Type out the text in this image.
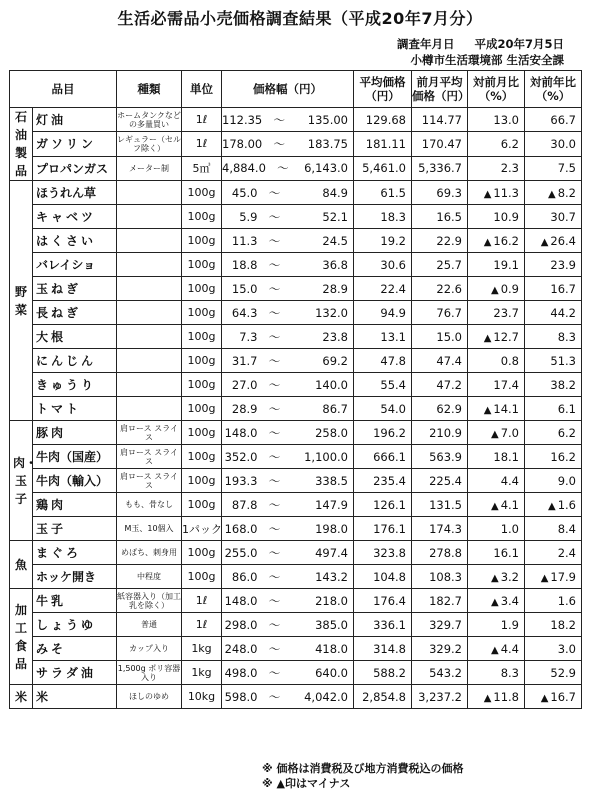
生活必需品小売価格調査結果（平成20年7月分）
調査年月日 平成20年7月5日
小樽市生活環境部 生活安全課
品目		種類	単位	価格幅（円）		平均価格（円）	前月平均価格（円）	対前月比（%）	対前年比（%）
石油製品	灯油	ホームタンクなどの多量買い	1ℓ	112.35 〜	135.00	129.68	114.77	13.0	66.7
	ガソリン	レギュラー（セルフ除く）	1ℓ	178.00 〜	183.75	181.11	170.47	6.2	30.0
	プロパンガス	メーター制	5㎥	4,884.0 〜	6,143.0	5,461.0	5,336.7	2.3	7.5
野菜	ほうれん草		100g	45.0 〜	84.9	61.5	69.3	▲ 11.3	▲ 8.2
	キャベツ		100g	5.9 〜	52.1	18.3	16.5	10.9	30.7
	はくさい		100g	11.3 〜	24.5	19.2	22.9	▲ 16.2	▲ 26.4
	バレイショ		100g	18.8 〜	36.8	30.6	25.7	19.1	23.9
	玉ねぎ		100g	15.0 〜	28.9	22.4	22.6	▲ 0.9	16.7
	長ねぎ		100g	64.3 〜	132.0	94.9	76.7	23.7	44.2
	大根		100g	7.3 〜	23.8	13.1	15.0	▲ 12.7	8.3
	にんじん		100g	31.7 〜	69.2	47.8	47.4	0.8	51.3
	きゅうり		100g	27.0 〜	140.0	55.4	47.2	17.4	38.2
	トマト		100g	28.9 〜	86.7	54.0	62.9	▲ 14.1	6.1
肉・玉子	豚肉	肩ロース スライス	100g	148.0 〜	258.0	196.2	210.9	▲ 7.0	6.2
	牛肉（国産）	肩ロース スライス	100g	352.0 〜	1,100.0	666.1	563.9	18.1	16.2
	牛肉（輸入）	肩ロース スライス	100g	193.3 〜	338.5	235.4	225.4	4.4	9.0
	鶏肉	もも、骨なし	100g	87.8 〜	147.9	126.1	131.5	▲ 4.1	▲ 1.6
	玉子	M玉、10個入	1パック	168.0 〜	198.0	176.1	174.3	1.0	8.4
魚	まぐろ	めばち、刺身用	100g	255.0 〜	497.4	323.8	278.8	16.1	2.4
	ホッケ開き	中程度	100g	86.0 〜	143.2	104.8	108.3	▲ 3.2	▲ 17.9
加工食品	牛乳	紙容器入り（加工乳を除く）	1ℓ	148.0 〜	218.0	176.4	182.7	▲ 3.4	1.6
	しょうゆ	普通	1ℓ	298.0 〜	385.0	336.1	329.7	1.9	18.2
	みそ	カップ入り	1kg	248.0 〜	418.0	314.8	329.2	▲ 4.4	3.0
	サラダ油	1,500g ポリ容器入り	1kg	498.0 〜	640.0	588.2	543.2	8.3	52.9
米	米	ほしのゆめ	10kg	598.0 〜	4,042.0	2,854.8	3,237.2	▲ 11.8	▲ 16.7
※ 価格は消費税及び地方消費税込の価格
※ ▲印はマイナス
